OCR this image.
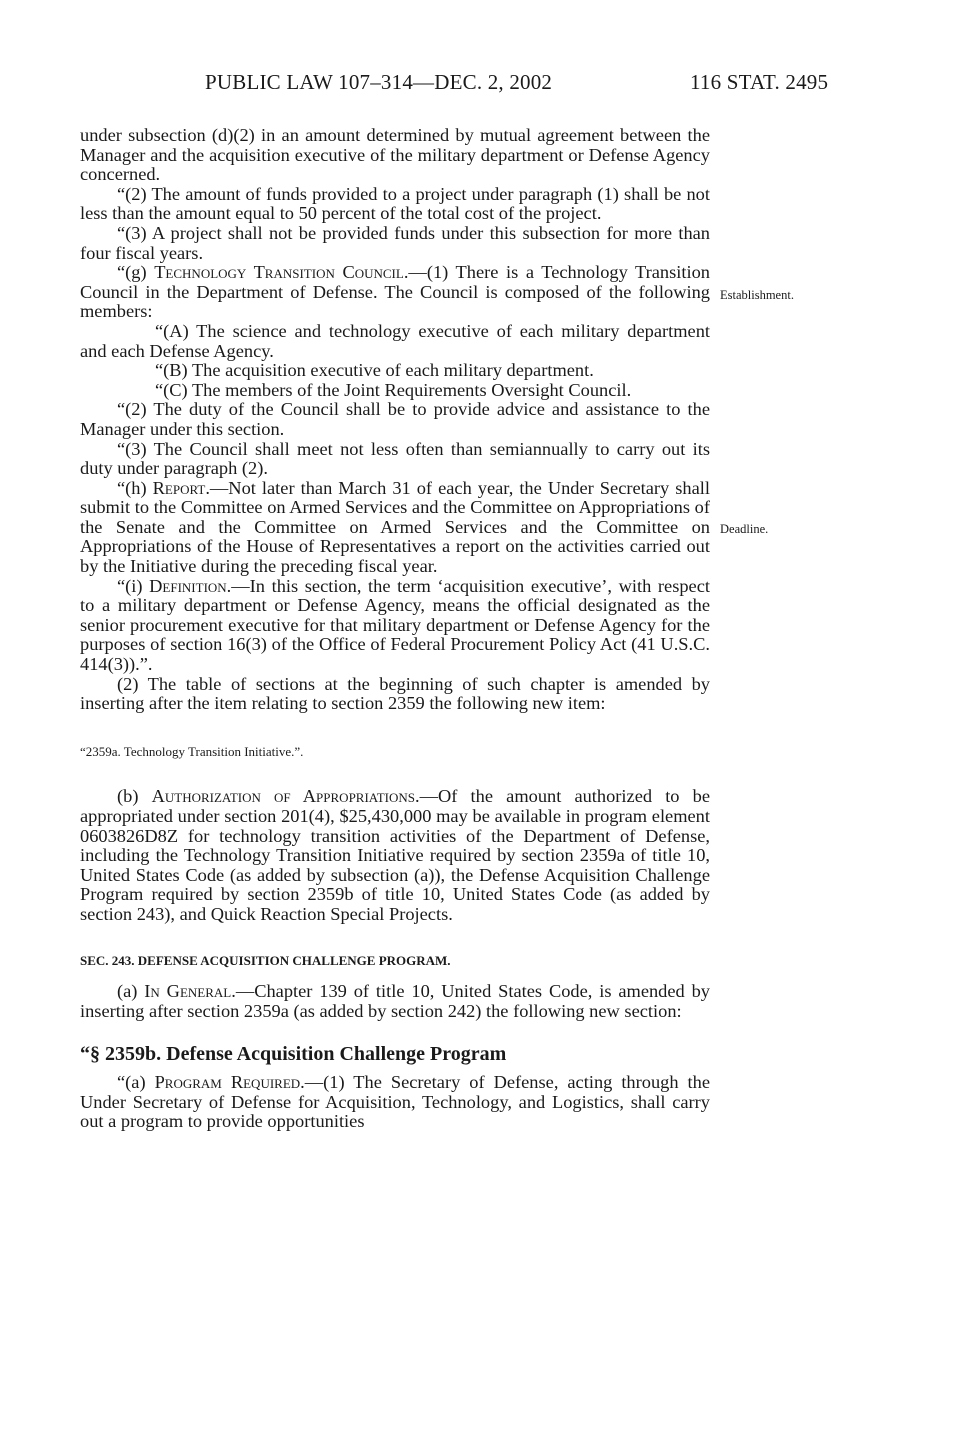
PUBLIC LAW 107–314—DEC. 2, 2002	116 STAT. 2495
Establishment.
Deadline.

under subsection (d)(2) in an amount determined by mutual agreement between the Manager and the acquisition executive of the military department or Defense Agency concerned.

“(2) The amount of funds provided to a project under paragraph (1) shall be not less than the amount equal to 50 percent of the total cost of the project.

“(3) A project shall not be provided funds under this subsection for more than four fiscal years.

“(g) Technology Transition Council.—(1) There is a Technology Transition Council in the Department of Defense. The Council is composed of the following members:

“(A) The science and technology executive of each military department and each Defense Agency.

“(B) The acquisition executive of each military department.

“(C) The members of the Joint Requirements Oversight Council.

“(2) The duty of the Council shall be to provide advice and assistance to the Manager under this section.

“(3) The Council shall meet not less often than semiannually to carry out its duty under paragraph (2).

“(h) Report.—Not later than March 31 of each year, the Under Secretary shall submit to the Committee on Armed Services and the Committee on Appropriations of the Senate and the Committee on Armed Services and the Committee on Appropriations of the House of Representatives a report on the activities carried out by the Initiative during the preceding fiscal year.

“(i) Definition.—In this section, the term ‘acquisition executive’, with respect to a military department or Defense Agency, means the official designated as the senior procurement executive for that military department or Defense Agency for the purposes of section 16(3) of the Office of Federal Procurement Policy Act (41 U.S.C. 414(3)).”.

(2) The table of sections at the beginning of such chapter is amended by inserting after the item relating to section 2359 the following new item:

“2359a. Technology Transition Initiative.”.

(b) Authorization of Appropriations.—Of the amount authorized to be appropriated under section 201(4), $25,430,000 may be available in program element 0603826D8Z for technology transition activities of the Department of Defense, including the Technology Transition Initiative required by section 2359a of title 10, United States Code (as added by subsection (a)), the Defense Acquisition Challenge Program required by section 2359b of title 10, United States Code (as added by section 243), and Quick Reaction Special Projects.

SEC. 243. DEFENSE ACQUISITION CHALLENGE PROGRAM.

(a) In General.—Chapter 139 of title 10, United States Code, is amended by inserting after section 2359a (as added by section 242) the following new section:

“§ 2359b. Defense Acquisition Challenge Program

“(a) Program Required.—(1) The Secretary of Defense, acting through the Under Secretary of Defense for Acquisition, Technology, and Logistics, shall carry out a program to provide opportunities
